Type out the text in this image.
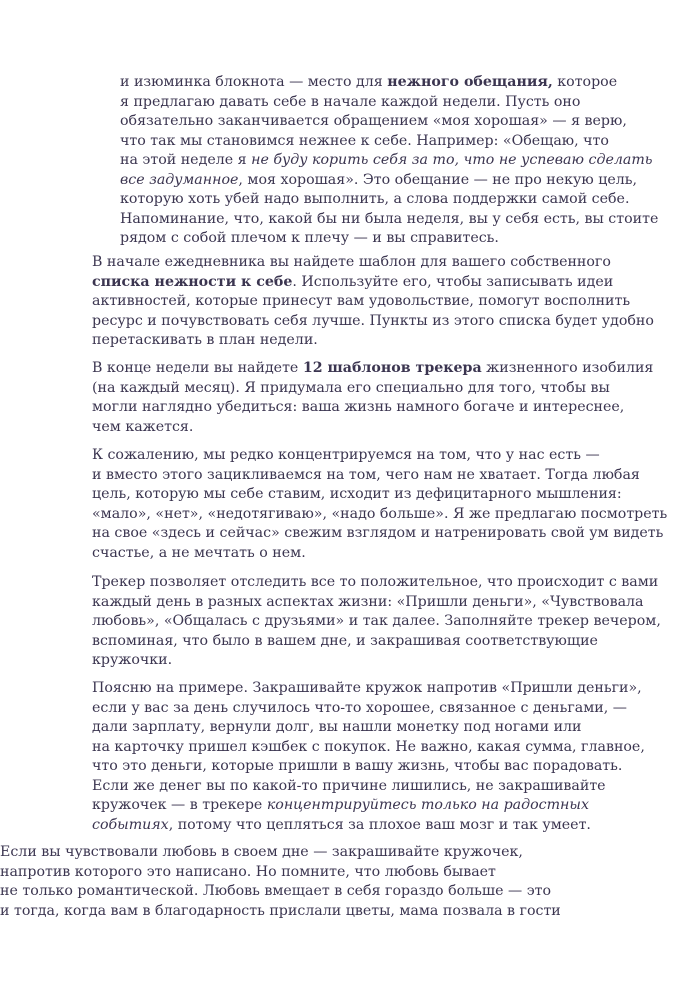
и изюминка блокнота — место для нежного обещания, которое
я предлагаю давать себе в начале каждой недели. Пусть оно
обязательно заканчивается обращением «моя хорошая» — я верю,
что так мы становимся нежнее к себе. Например: «Обещаю, что
на этой неделе я не буду корить себя за то, что не успеваю сделать
все задуманное, моя хорошая». Это обещание — не про некую цель,
которую хоть убей надо выполнить, а слова поддержки самой себе.
Напоминание, что, какой бы ни была неделя, вы у себя есть, вы стоите
рядом с собой плечом к плечу — и вы справитесь.

В начале ежедневника вы найдете шаблон для вашего собственного
списка нежности к себе. Используйте его, чтобы записывать идеи
активностей, которые принесут вам удовольствие, помогут восполнить
ресурс и почувствовать себя лучше. Пункты из этого списка будет удобно
перетаскивать в план недели.

В конце недели вы найдете 12 шаблонов трекера жизненного изобилия
(на каждый месяц). Я придумала его специально для того, чтобы вы
могли наглядно убедиться: ваша жизнь намного богаче и интереснее,
чем кажется.

К сожалению, мы редко концентрируемся на том, что у нас есть —
и вместо этого зацикливаемся на том, чего нам не хватает. Тогда любая
цель, которую мы себе ставим, исходит из дефицитарного мышления:
«мало», «нет», «недотягиваю», «надо больше». Я же предлагаю посмотреть
на свое «здесь и сейчас» свежим взглядом и натренировать свой ум видеть
счастье, а не мечтать о нем.

Трекер позволяет отследить все то положительное, что происходит с вами
каждый день в разных аспектах жизни: «Пришли деньги», «Чувствовала
любовь», «Общалась с друзьями» и так далее. Заполняйте трекер вечером,
вспоминая, что было в вашем дне, и закрашивая соответствующие
кружочки.

Поясню на примере. Закрашивайте кружок напротив «Пришли деньги»,
если у вас за день случилось что-то хорошее, связанное с деньгами, —
дали зарплату, вернули долг, вы нашли монетку под ногами или
на карточку пришел кэшбек с покупок. Не важно, какая сумма, главное,
что это деньги, которые пришли в вашу жизнь, чтобы вас порадовать.
Если же денег вы по какой-то причине лишились, не закрашивайте
кружочек — в трекере концентрируйтесь только на радостных
событиях, потому что цепляться за плохое ваш мозг и так умеет.

Если вы чувствовали любовь в своем дне — закрашивайте кружочек,
напротив которого это написано. Но помните, что любовь бывает
не только романтической. Любовь вмещает в себя гораздо больше — это
и тогда, когда вам в благодарность прислали цветы, мама позвала в гости
